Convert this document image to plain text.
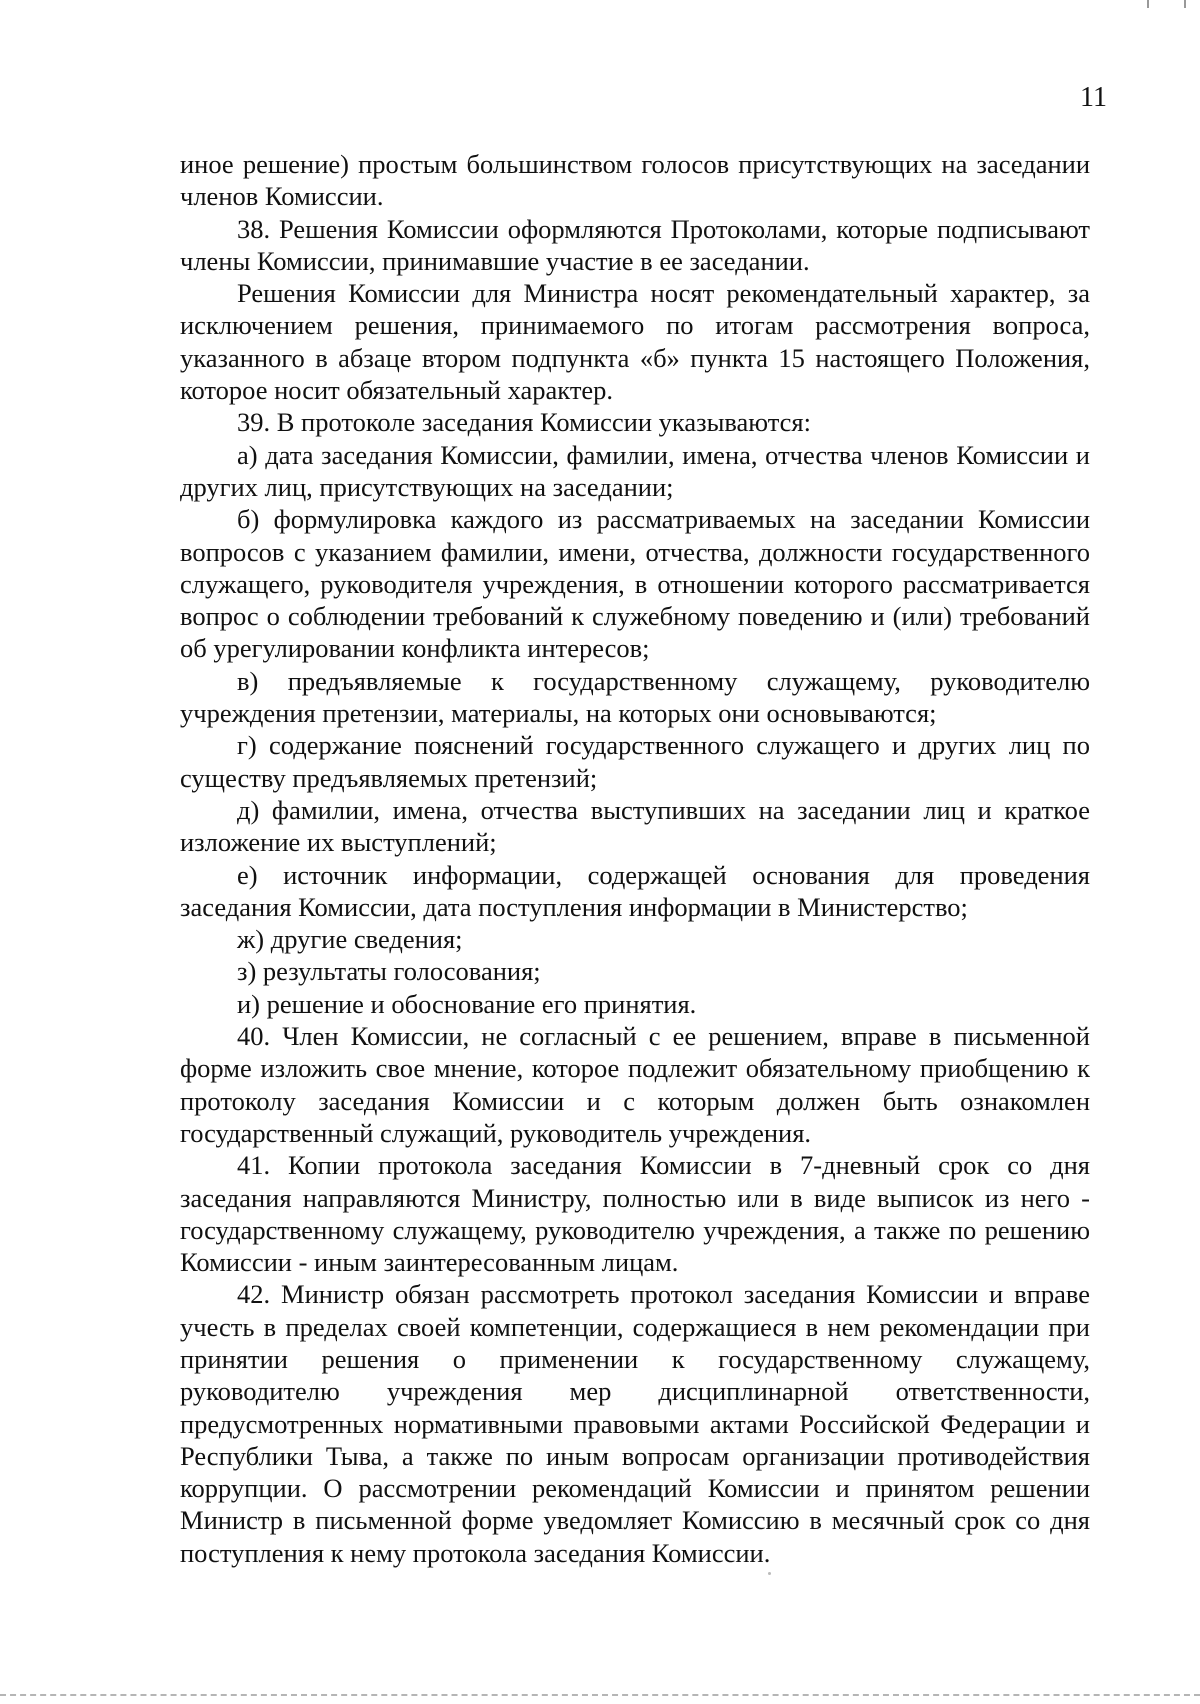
11

иное решение) простым большинством голосов присутствующих на заседании членов Комиссии.

38. Решения Комиссии оформляются Протоколами, которые подписывают члены Комиссии, принимавшие участие в ее заседании.

Решения Комиссии для Министра носят рекомендательный характер, за исключением решения, принимаемого по итогам рассмотрения вопроса, указанного в абзаце втором подпункта «б» пункта 15 настоящего Положения, которое носит обязательный характер.

39. В протоколе заседания Комиссии указываются:

а) дата заседания Комиссии, фамилии, имена, отчества членов Комиссии и других лиц, присутствующих на заседании;

б) формулировка каждого из рассматриваемых на заседании Комиссии вопросов с указанием фамилии, имени, отчества, должности государственного служащего, руководителя учреждения, в отношении которого рассматривается вопрос о соблюдении требований к служебному поведению и (или) требований об урегулировании конфликта интересов;

в) предъявляемые к государственному служащему, руководителю учреждения претензии, материалы, на которых они основываются;

г) содержание пояснений государственного служащего и других лиц по существу предъявляемых претензий;

д) фамилии, имена, отчества выступивших на заседании лиц и краткое изложение их выступлений;

е) источник информации, содержащей основания для проведения заседания Комиссии, дата поступления информации в Министерство;

ж) другие сведения;

з) результаты голосования;

и) решение и обоснование его принятия.

40. Член Комиссии, не согласный с ее решением, вправе в письменной форме изложить свое мнение, которое подлежит обязательному приобщению к протоколу заседания Комиссии и с которым должен быть ознакомлен государственный служащий, руководитель учреждения.

41. Копии протокола заседания Комиссии в 7-дневный срок со дня заседания направляются Министру, полностью или в виде выписок из него - государственному служащему, руководителю учреждения, а также по решению Комиссии - иным заинтересованным лицам.

42. Министр обязан рассмотреть протокол заседания Комиссии и вправе учесть в пределах своей компетенции, содержащиеся в нем рекомендации при принятии решения о применении к государственному служащему, руководителю учреждения мер дисциплинарной ответственности, предусмотренных нормативными правовыми актами Российской Федерации и Республики Тыва, а также по иным вопросам организации противодействия коррупции. О рассмотрении рекомендаций Комиссии и принятом решении Министр в письменной форме уведомляет Комиссию в месячный срок со дня поступления к нему протокола заседания Комиссии.
